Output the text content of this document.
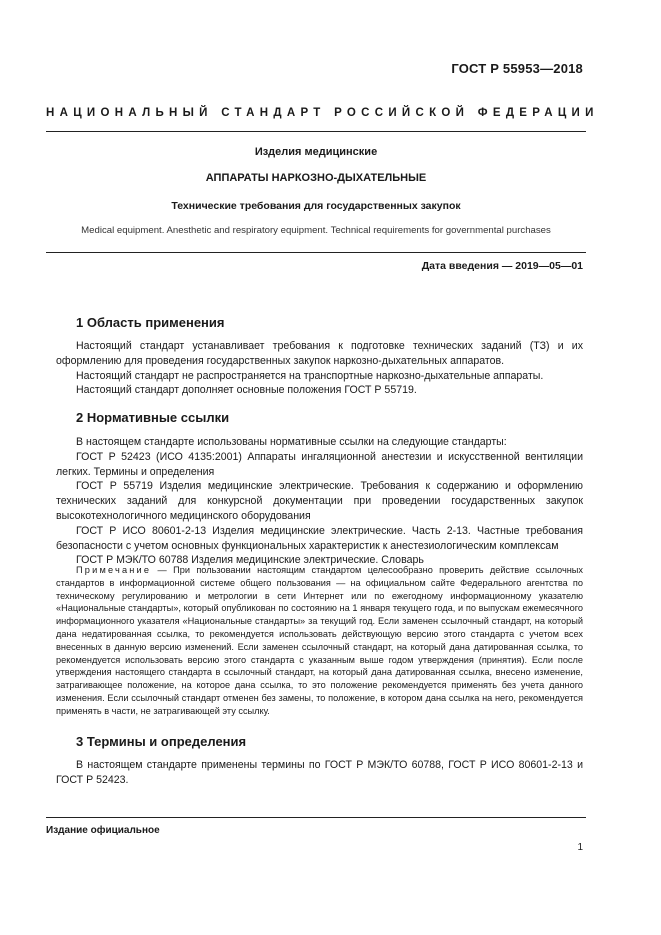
ГОСТ Р 55953—2018
НАЦИОНАЛЬНЫЙ СТАНДАРТ РОССИЙСКОЙ ФЕДЕРАЦИИ
Изделия медицинские
АППАРАТЫ НАРКОЗНО-ДЫХАТЕЛЬНЫЕ
Технические требования для государственных закупок
Medical equipment. Anesthetic and respiratory equipment. Technical requirements for governmental purchases
Дата введения — 2019—05—01
1 Область применения

Настоящий стандарт устанавливает требования к подготовке технических заданий (ТЗ) и их оформлению для проведения государственных закупок наркозно-дыхательных аппаратов.

Настоящий стандарт не распространяется на транспортные наркозно-дыхательные аппараты.

Настоящий стандарт дополняет основные положения ГОСТ Р 55719.

2 Нормативные ссылки

В настоящем стандарте использованы нормативные ссылки на следующие стандарты:

ГОСТ Р 52423 (ИСО 4135:2001) Аппараты ингаляционной анестезии и искусственной вентиляции легких. Термины и определения

ГОСТ Р 55719 Изделия медицинские электрические. Требования к содержанию и оформлению технических заданий для конкурсной документации при проведении государственных закупок высокотехнологичного медицинского оборудования

ГОСТ Р ИСО 80601-2-13 Изделия медицинские электрические. Часть 2-13. Частные требования безопасности с учетом основных функциональных характеристик к анестезиологическим комплексам

ГОСТ Р МЭК/ТО 60788 Изделия медицинские электрические. Словарь

Примечание — При пользовании настоящим стандартом целесообразно проверить действие ссылочных стандартов в информационной системе общего пользования — на официальном сайте Федерального агентства по техническому регулированию и метрологии в сети Интернет или по ежегодному информационному указателю «Национальные стандарты», который опубликован по состоянию на 1 января текущего года, и по выпускам ежемесячного информационного указателя «Национальные стандарты» за текущий год. Если заменен ссылочный стандарт, на который дана недатированная ссылка, то рекомендуется использовать действующую версию этого стандарта с учетом всех внесенных в данную версию изменений. Если заменен ссылочный стандарт, на который дана датированная ссылка, то рекомендуется использовать версию этого стандарта с указанным выше годом утверждения (принятия). Если после утверждения настоящего стандарта в ссылочный стандарт, на который дана датированная ссылка, внесено изменение, затрагивающее положение, на которое дана ссылка, то это положение рекомендуется применять без учета данного изменения. Если ссылочный стандарт отменен без замены, то положение, в котором дана ссылка на него, рекомендуется применять в части, не затрагивающей эту ссылку.
3 Термины и определения

В настоящем стандарте применены термины по ГОСТ Р МЭК/ТО 60788, ГОСТ Р ИСО 80601-2-13 и ГОСТ Р 52423.

Издание официальное
1
